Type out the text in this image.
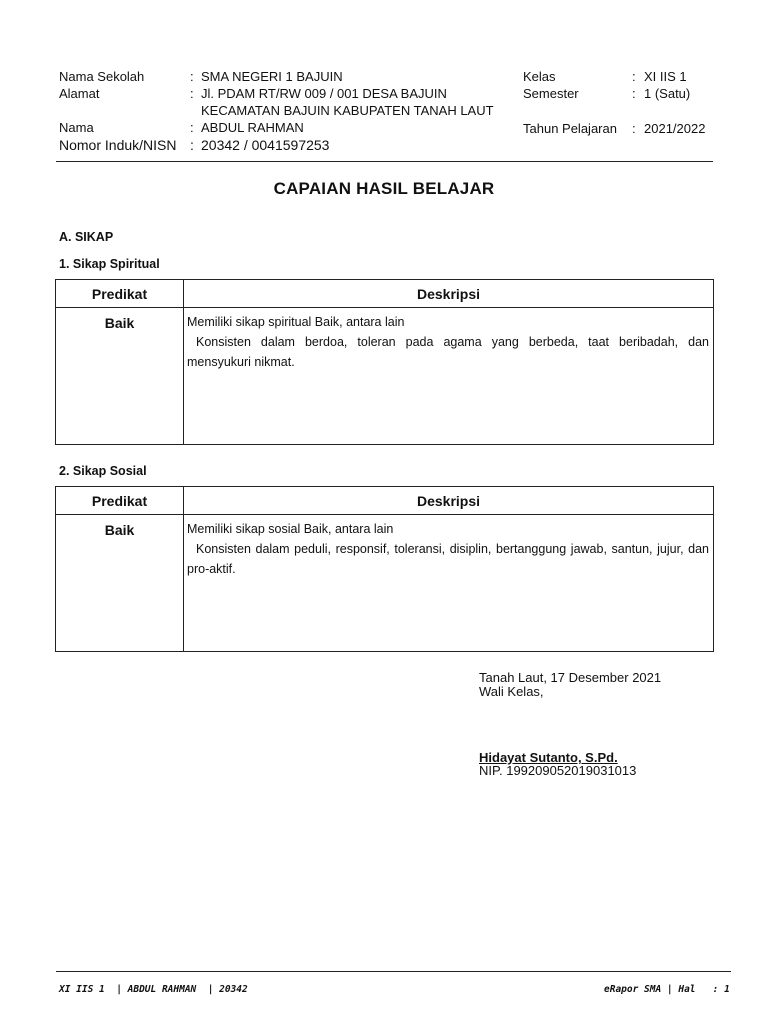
Nama Sekolah	: SMA NEGERI 1 BAJUIN
Alamat	: Jl. PDAM RT/RW 009 / 001 DESA BAJUIN
KECAMATAN BAJUIN KABUPATEN TANAH LAUT
Nama	: ABDUL RAHMAN
Nomor Induk/NISN : 20342 / 0041597253
Kelas	: XI IIS 1
Semester	: 1 (Satu)
Tahun Pelajaran : 2021/2022
CAPAIAN HASIL BELAJAR
A. SIKAP
1. Sikap Spiritual
Predikat	Deskripsi
Baik	Memiliki sikap spiritual Baik, antara lain
Konsisten dalam berdoa, toleran pada agama yang berbeda, taat beribadah, dan mensyukuri nikmat.
2. Sikap Sosial
Predikat	Deskripsi
Baik	Memiliki sikap sosial Baik, antara lain
Konsisten dalam peduli, responsif, toleransi, disiplin, bertanggung jawab, santun, jujur, dan pro-aktif.
Tanah Laut, 17 Desember 2021
Wali Kelas,
Hidayat Sutanto, S.Pd.
NIP. 199209052019031013
XI IIS 1  | ABDUL RAHMAN  | 20342	eRapor SMA | Hal   : 1
